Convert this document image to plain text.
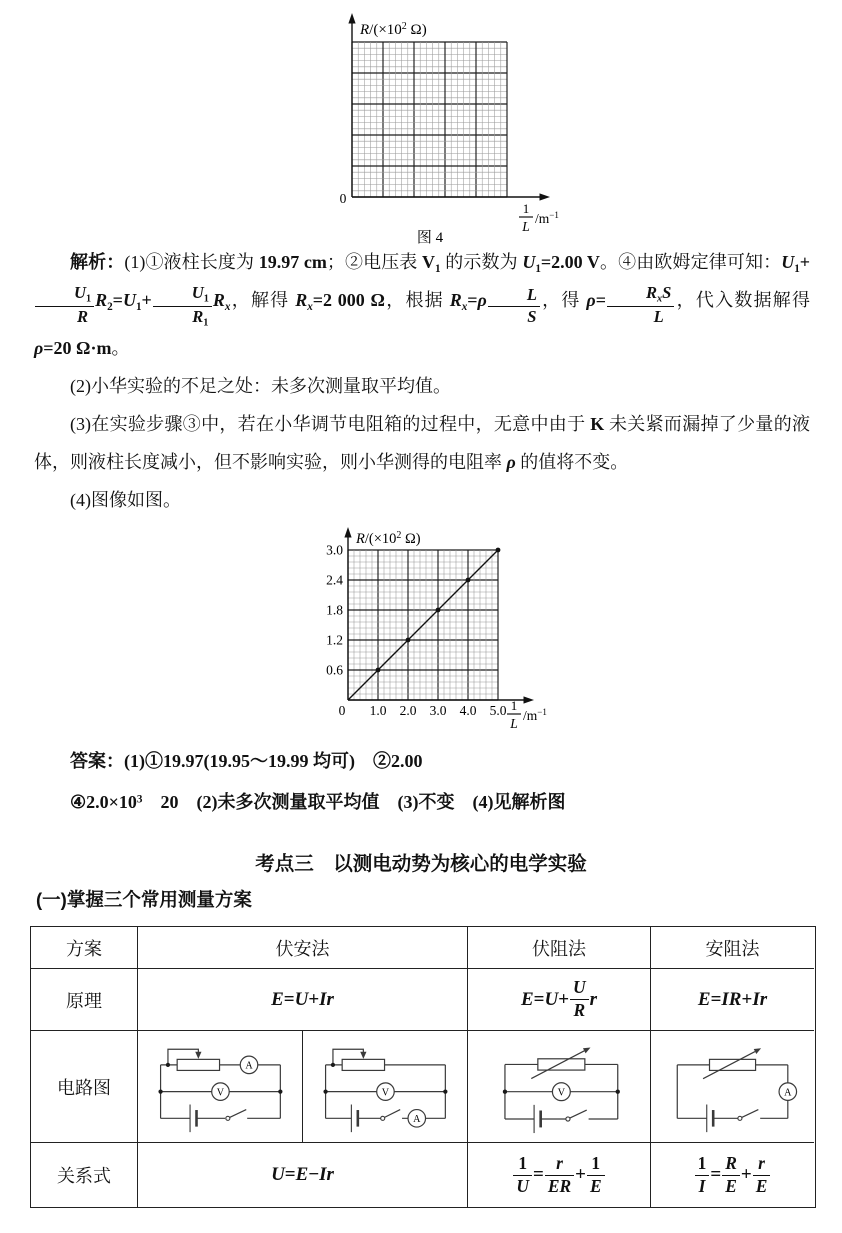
$R/(\times 10^2$ Ω)
0
1
L
$/m^{-1}$
图 4

解析：(1)①液柱长度为 19.97 cm；②电压表 $V_1$ 的示数为 $U_1=2.00$ V。④由欧姆定律可知：$U_1+$
$\frac{U_1}{R} R_2=U_1+ \frac{U_1}{R_1} R_x$，解得 $R_x=2$ 000 Ω，根据 $R_x=\rho \frac{L}{S}$ ，得 $\rho= \frac{R_xS}{L}$ ，代入数据解得 ρ=20 Ω·m。

(2)小华实验的不足之处：未多次测量取平均值。

(3)在实验步骤③中，若在小华调节电阻箱的过程中，无意中由于 K 未关紧而漏掉了少量的液体，则液柱长度减小，但不影响实验，则小华测得的电阻率 ρ 的值将不变。

(4)图像如图。

$R/(\times 10^2$ Ω)
0.6
1.2
1.8
2.4
3.0
0 1.0 2.0 3.0 4.0 5.0 1
L
$/m^{-1}$

答案：(1)①19.97(19.95～19.99 均可)　②2.00

$④2.0\times 10^3$　20　(2)未多次测量取平均值　(3)不变　(4)见解析图

考点三　以测电动势为核心的电学实验
(一)掌握三个常用测量方案
方案	伏安法	伏阻法	安阻法
原理	E = U + Ir	$E = U + \frac{U}{R}$ r	E = IR + Ir
电路图
A
V
A
V	V	A
关系式	U = E − Ir	$\frac{1}{U} = \frac{r}{ER} + \frac{1}{E}$	$\frac{1}{I} = \frac{R}{E} + \frac{r}{E}$
